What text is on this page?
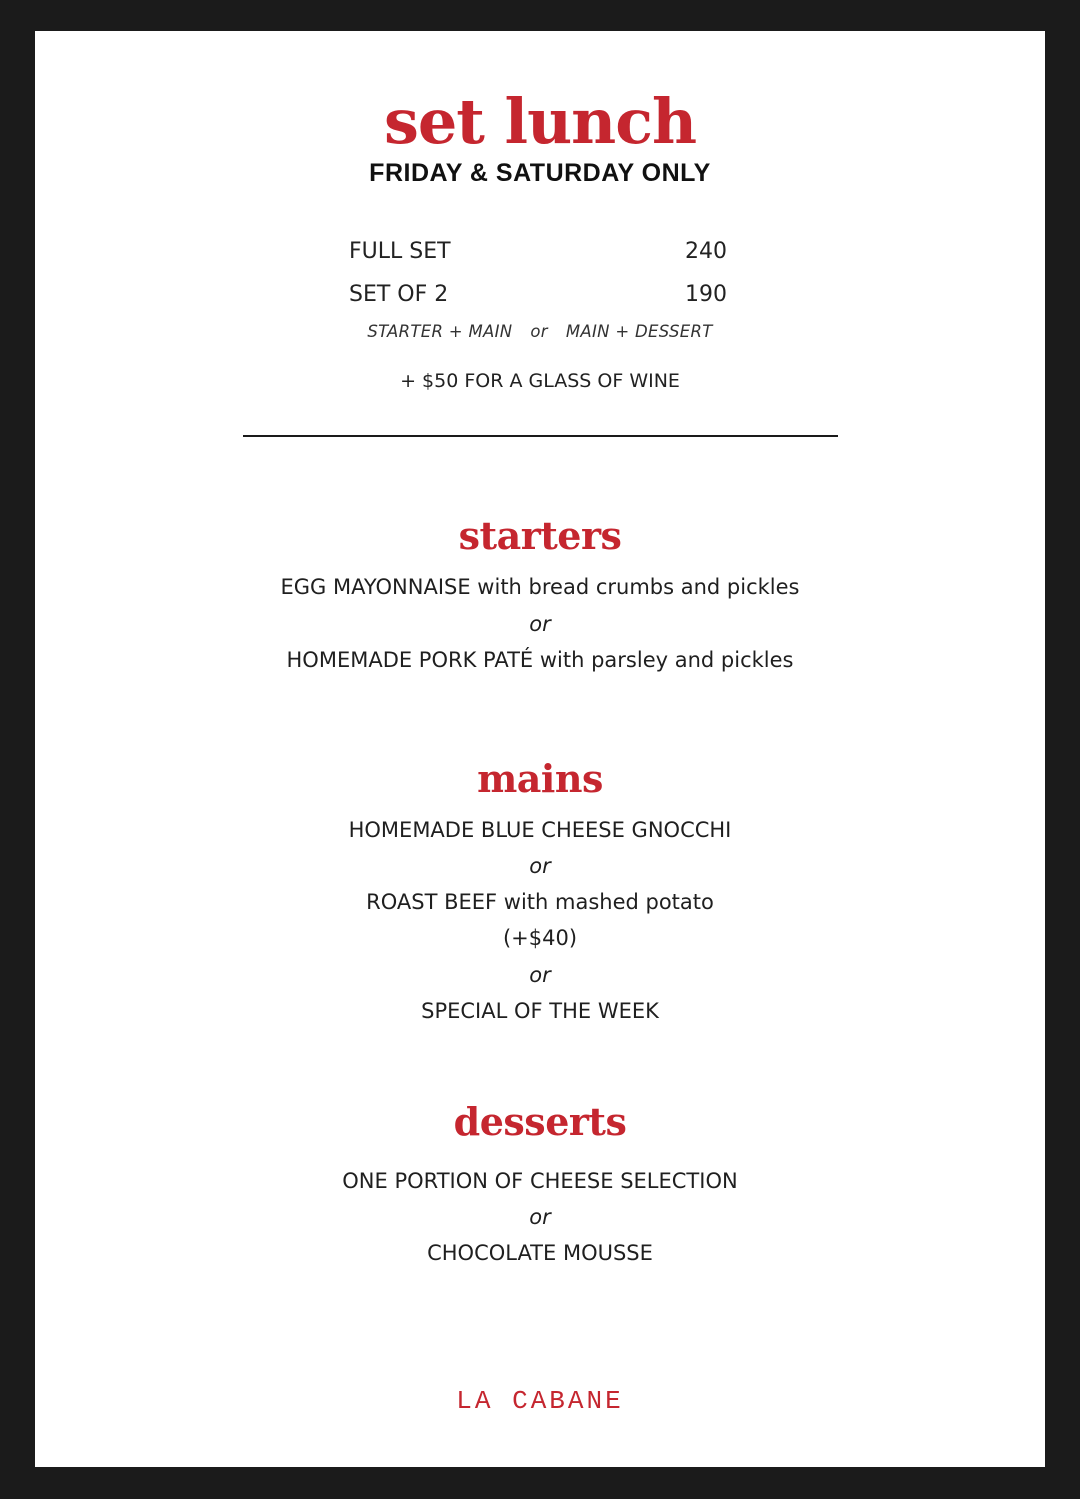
set lunch
FRIDAY & SATURDAY ONLY
FULL SET	240
SET OF 2	190
STARTER + MAIN or MAIN + DESSERT
+ $50 FOR A GLASS OF WINE
starters
EGG MAYONNAISE with bread crumbs and pickles
or
HOMEMADE PORK PATÉ with parsley and pickles
mains
HOMEMADE BLUE CHEESE GNOCCHI
or
ROAST BEEF with mashed potato
(+$40)
or
SPECIAL OF THE WEEK
desserts
ONE PORTION OF CHEESE SELECTION
or
CHOCOLATE MOUSSE
LA CABANE
